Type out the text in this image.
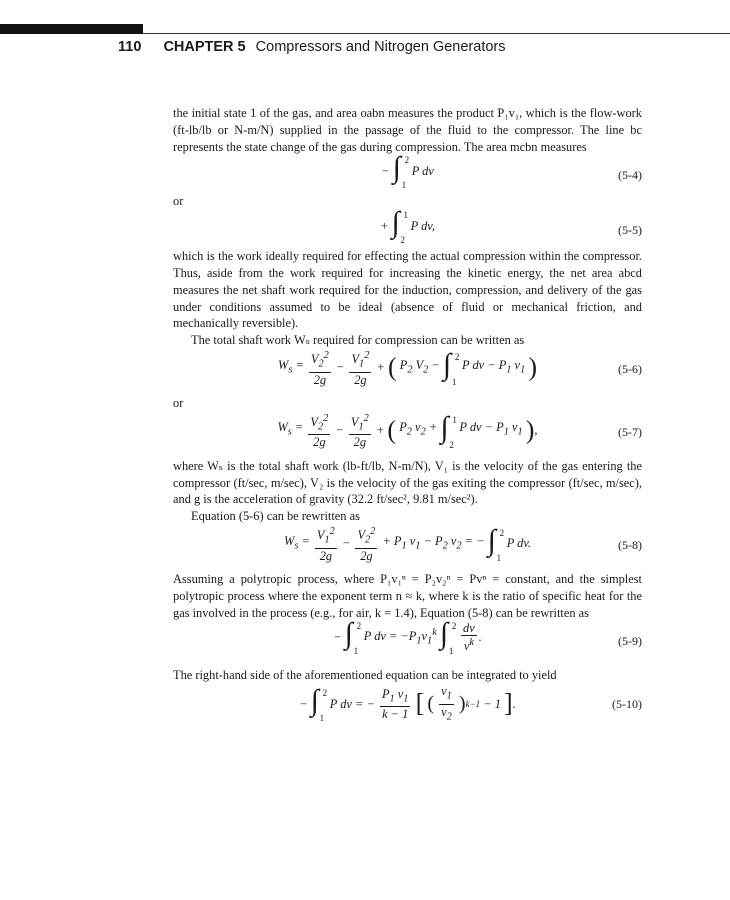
110 CHAPTER 5 Compressors and Nitrogen Generators

the initial state 1 of the gas, and area oabn measures the product P₁v₁, which is the flow-work (ft-lb/lb or N-m/N) supplied in the passage of the fluid to the compressor. The line bc represents the state change of the gas during compression. The area mcbn measures

− ∫ 2
1
P dv	(5-4)

or

+ ∫ 1
2
P dv,	(5-5)

which is the work ideally required for effecting the actual compression within the compressor. Thus, aside from the work required for increasing the kinetic energy, the net area abcd measures the net shaft work required for the induction, compression, and delivery of the gas under conditions assumed to be ideal (absence of fluid or mechanical friction, and mechanically reversible).

The total shaft work Wₛ required for compression can be written as

$W_s = \frac{V_2^2}{2g} - \frac{V_1^2}{2g}$ + ( $P_2$ $V_2$ − ∫ 2
1
P dv − $P_1$ $v_1$ )	(5-6)

or

$W_s = \frac{V_2^2}{2g} - \frac{V_1^2}{2g}$ + ( $P_2$ $v_2$ + ∫ 1
2
P dv − $P_1$ $v_1$ ),	(5-7)

where Wₛ is the total shaft work (lb-ft/lb, N-m/N), V₁ is the velocity of the gas entering the compressor (ft/sec, m/sec), V₂ is the velocity of the gas exiting the compressor (ft/sec, m/sec), and g is the acceleration of gravity (32.2 ft/sec², 9.81 m/sec²).

Equation (5-6) can be rewritten as

$W_s = \frac{V_1^2}{2g} - \frac{V_2^2}{2g} + P_1$ $v_1 - P_2$ $v_2$ = − ∫ 2
1
P dv.	(5-8)

Assuming a polytropic process, where P₁v₁ⁿ = P₂v₂ⁿ = Pvⁿ = constant, and the simplest polytropic process where the exponent term n ≈ k, where k is the ratio of specific heat for the gas involved in the process (e.g., for air, k = 1.4), Equation (5-8) can be rewritten as

− ∫ 2
1
P dv = $-P_1v_1^k$ ∫ 2
1
$\frac{dv}{v^k}$ .	(5-9)

The right-hand side of the aforementioned equation can be integrated to yield

− ∫ 2
1
P dv = − $\frac{P_1 v_1}{k - 1}$ [ ( $\frac{v_1}{v_2} )k-1 - 1$ ].	(5-10)
